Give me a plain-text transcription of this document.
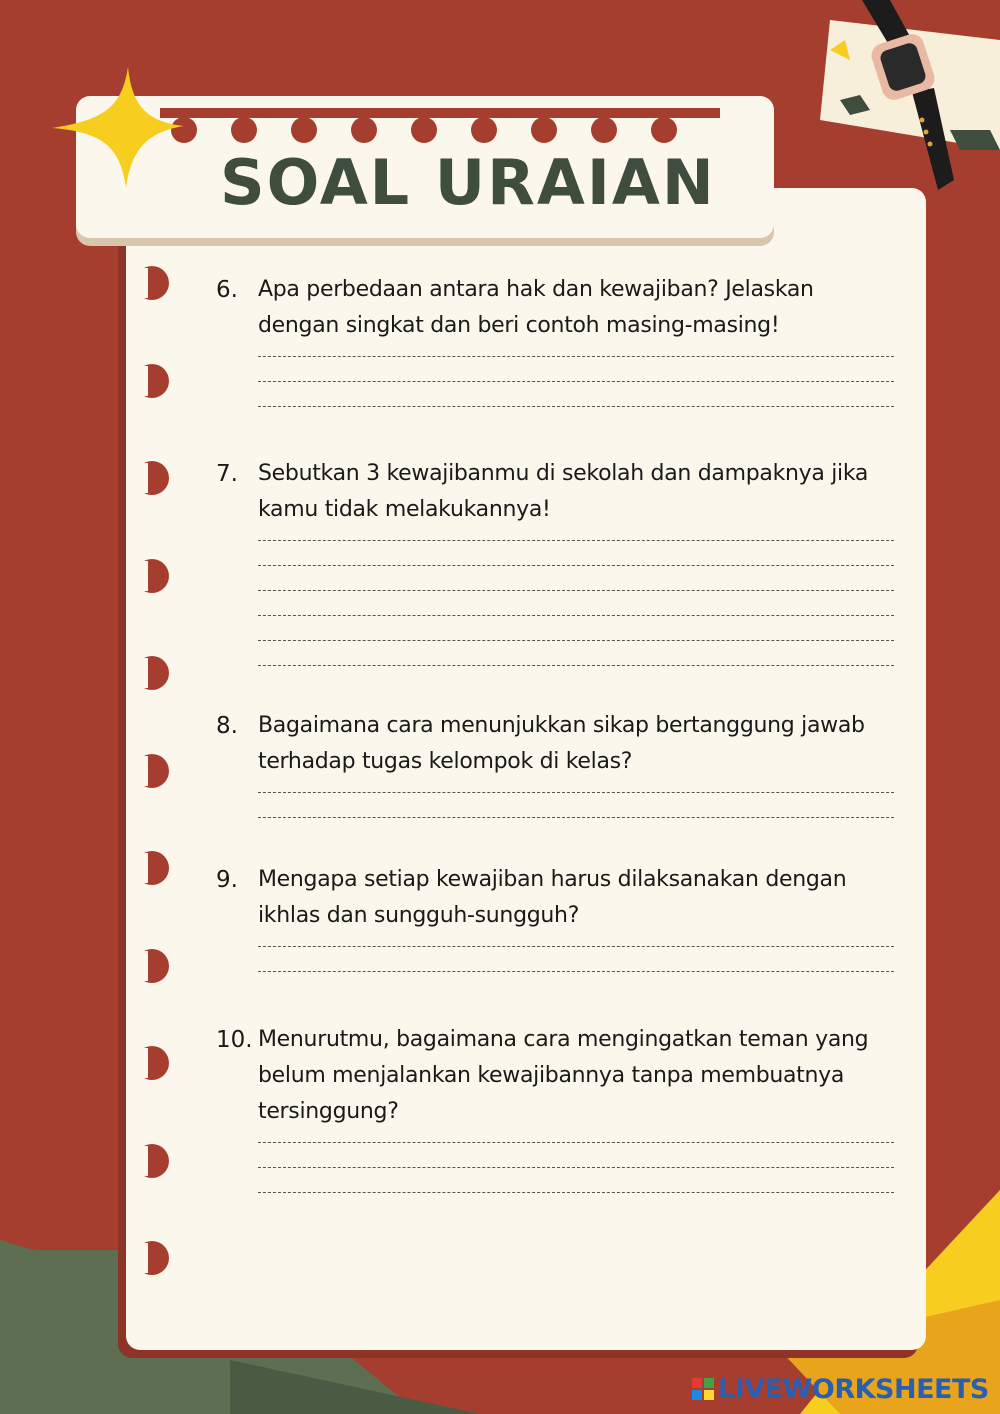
SOAL URAIAN
6. Apa perbedaan antara hak dan kewajiban? Jelaskan dengan singkat dan beri contoh masing-masing!
7. Sebutkan 3 kewajibanmu di sekolah dan dampaknya jika kamu tidak melakukannya!
8. Bagaimana cara menunjukkan sikap bertanggung jawab terhadap tugas kelompok di kelas?
9. Mengapa setiap kewajiban harus dilaksanakan dengan ikhlas dan sungguh-sungguh?
10. Menurutmu, bagaimana cara mengingatkan teman yang belum menjalankan kewajibannya tanpa membuatnya tersinggung?
LIVEWORKSHEETS
